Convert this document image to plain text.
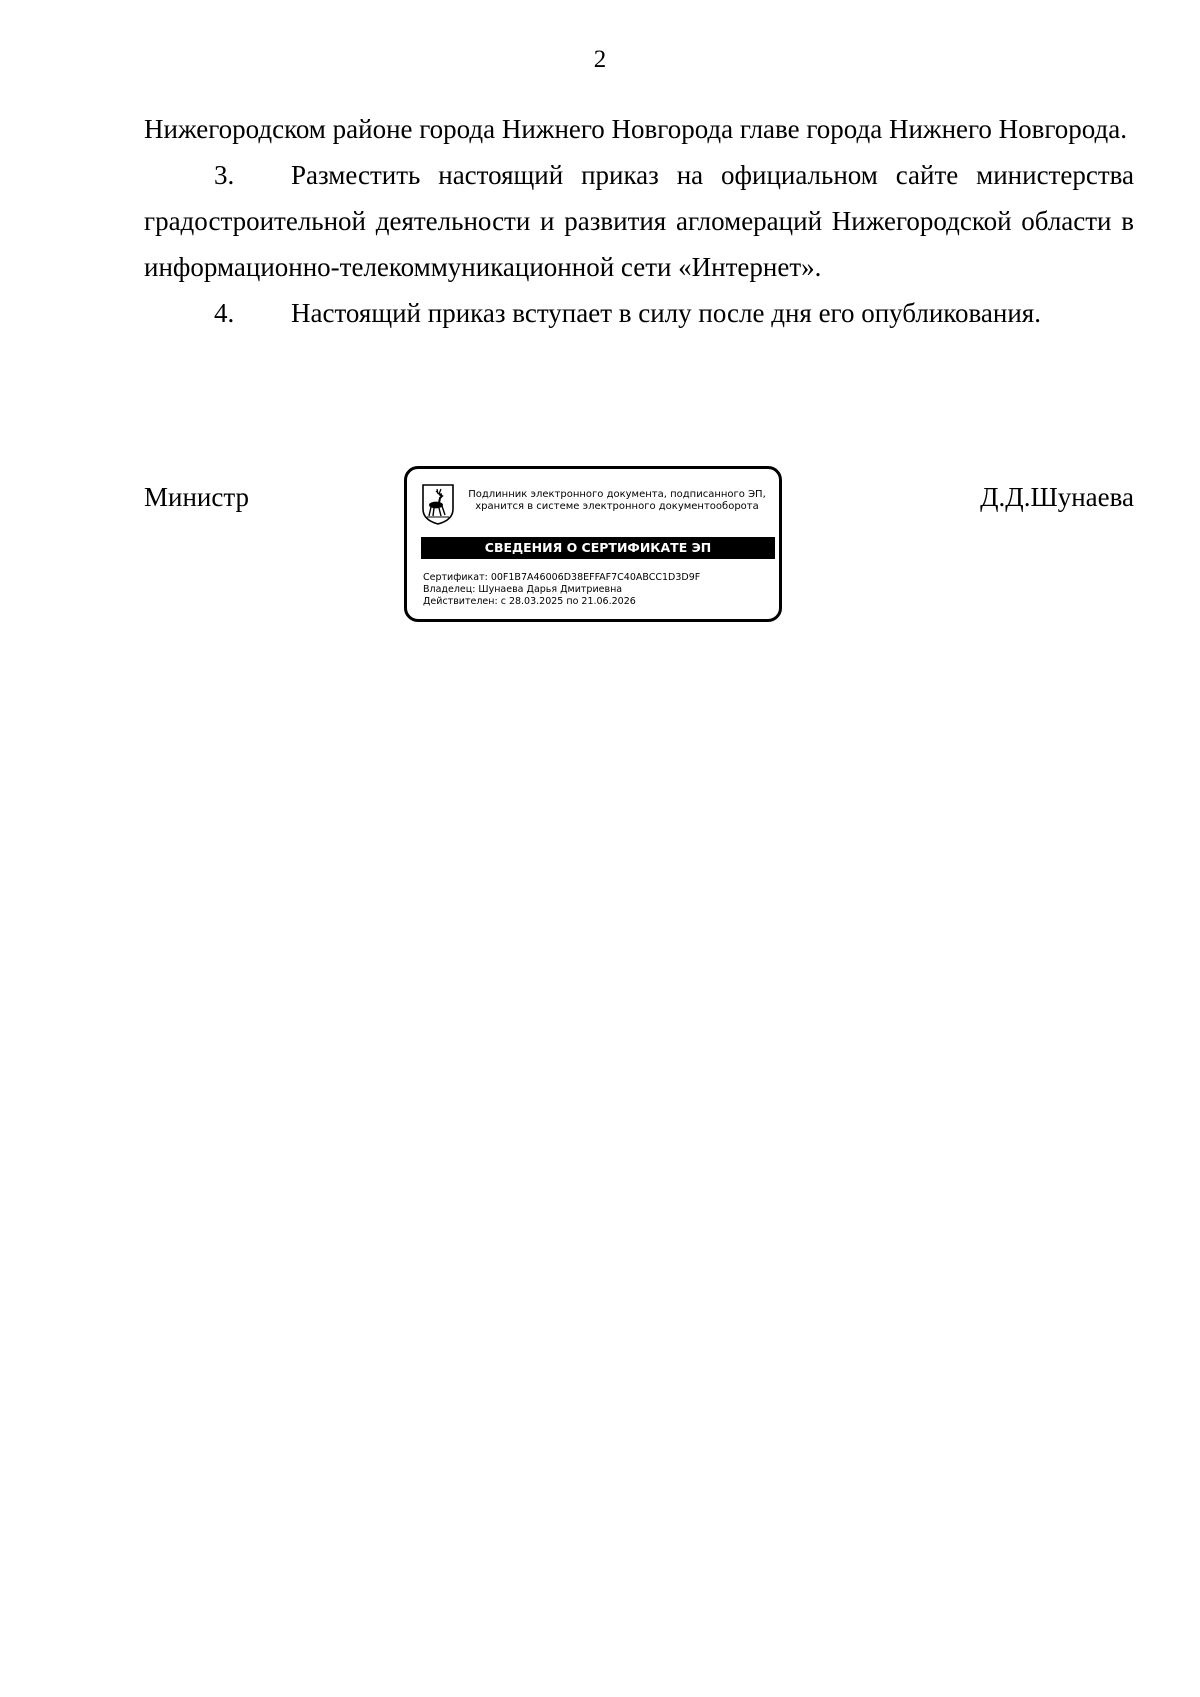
2

Нижегородском районе города Нижнего Новгорода главе города Нижнего Новгорода.

3. Разместить настоящий приказ на официальном сайте министерства градостроительной деятельности и развития агломераций Нижегородской области в информационно-телекоммуникационной сети «Интернет».

4. Настоящий приказ вступает в силу после дня его опубликования.

Министр	Подлинник электронного документа, подписанного ЭП,
хранится в системе электронного документооборота
СВЕДЕНИЯ О СЕРТИФИКАТЕ ЭП
Сертификат: 00F1B7A46006D38EFFAF7C40ABCC1D3D9F
Владелец: Шунаева Дарья Дмитриевна
Действителен: с 28.03.2025 по 21.06.2026
Д.Д.Шунаева
